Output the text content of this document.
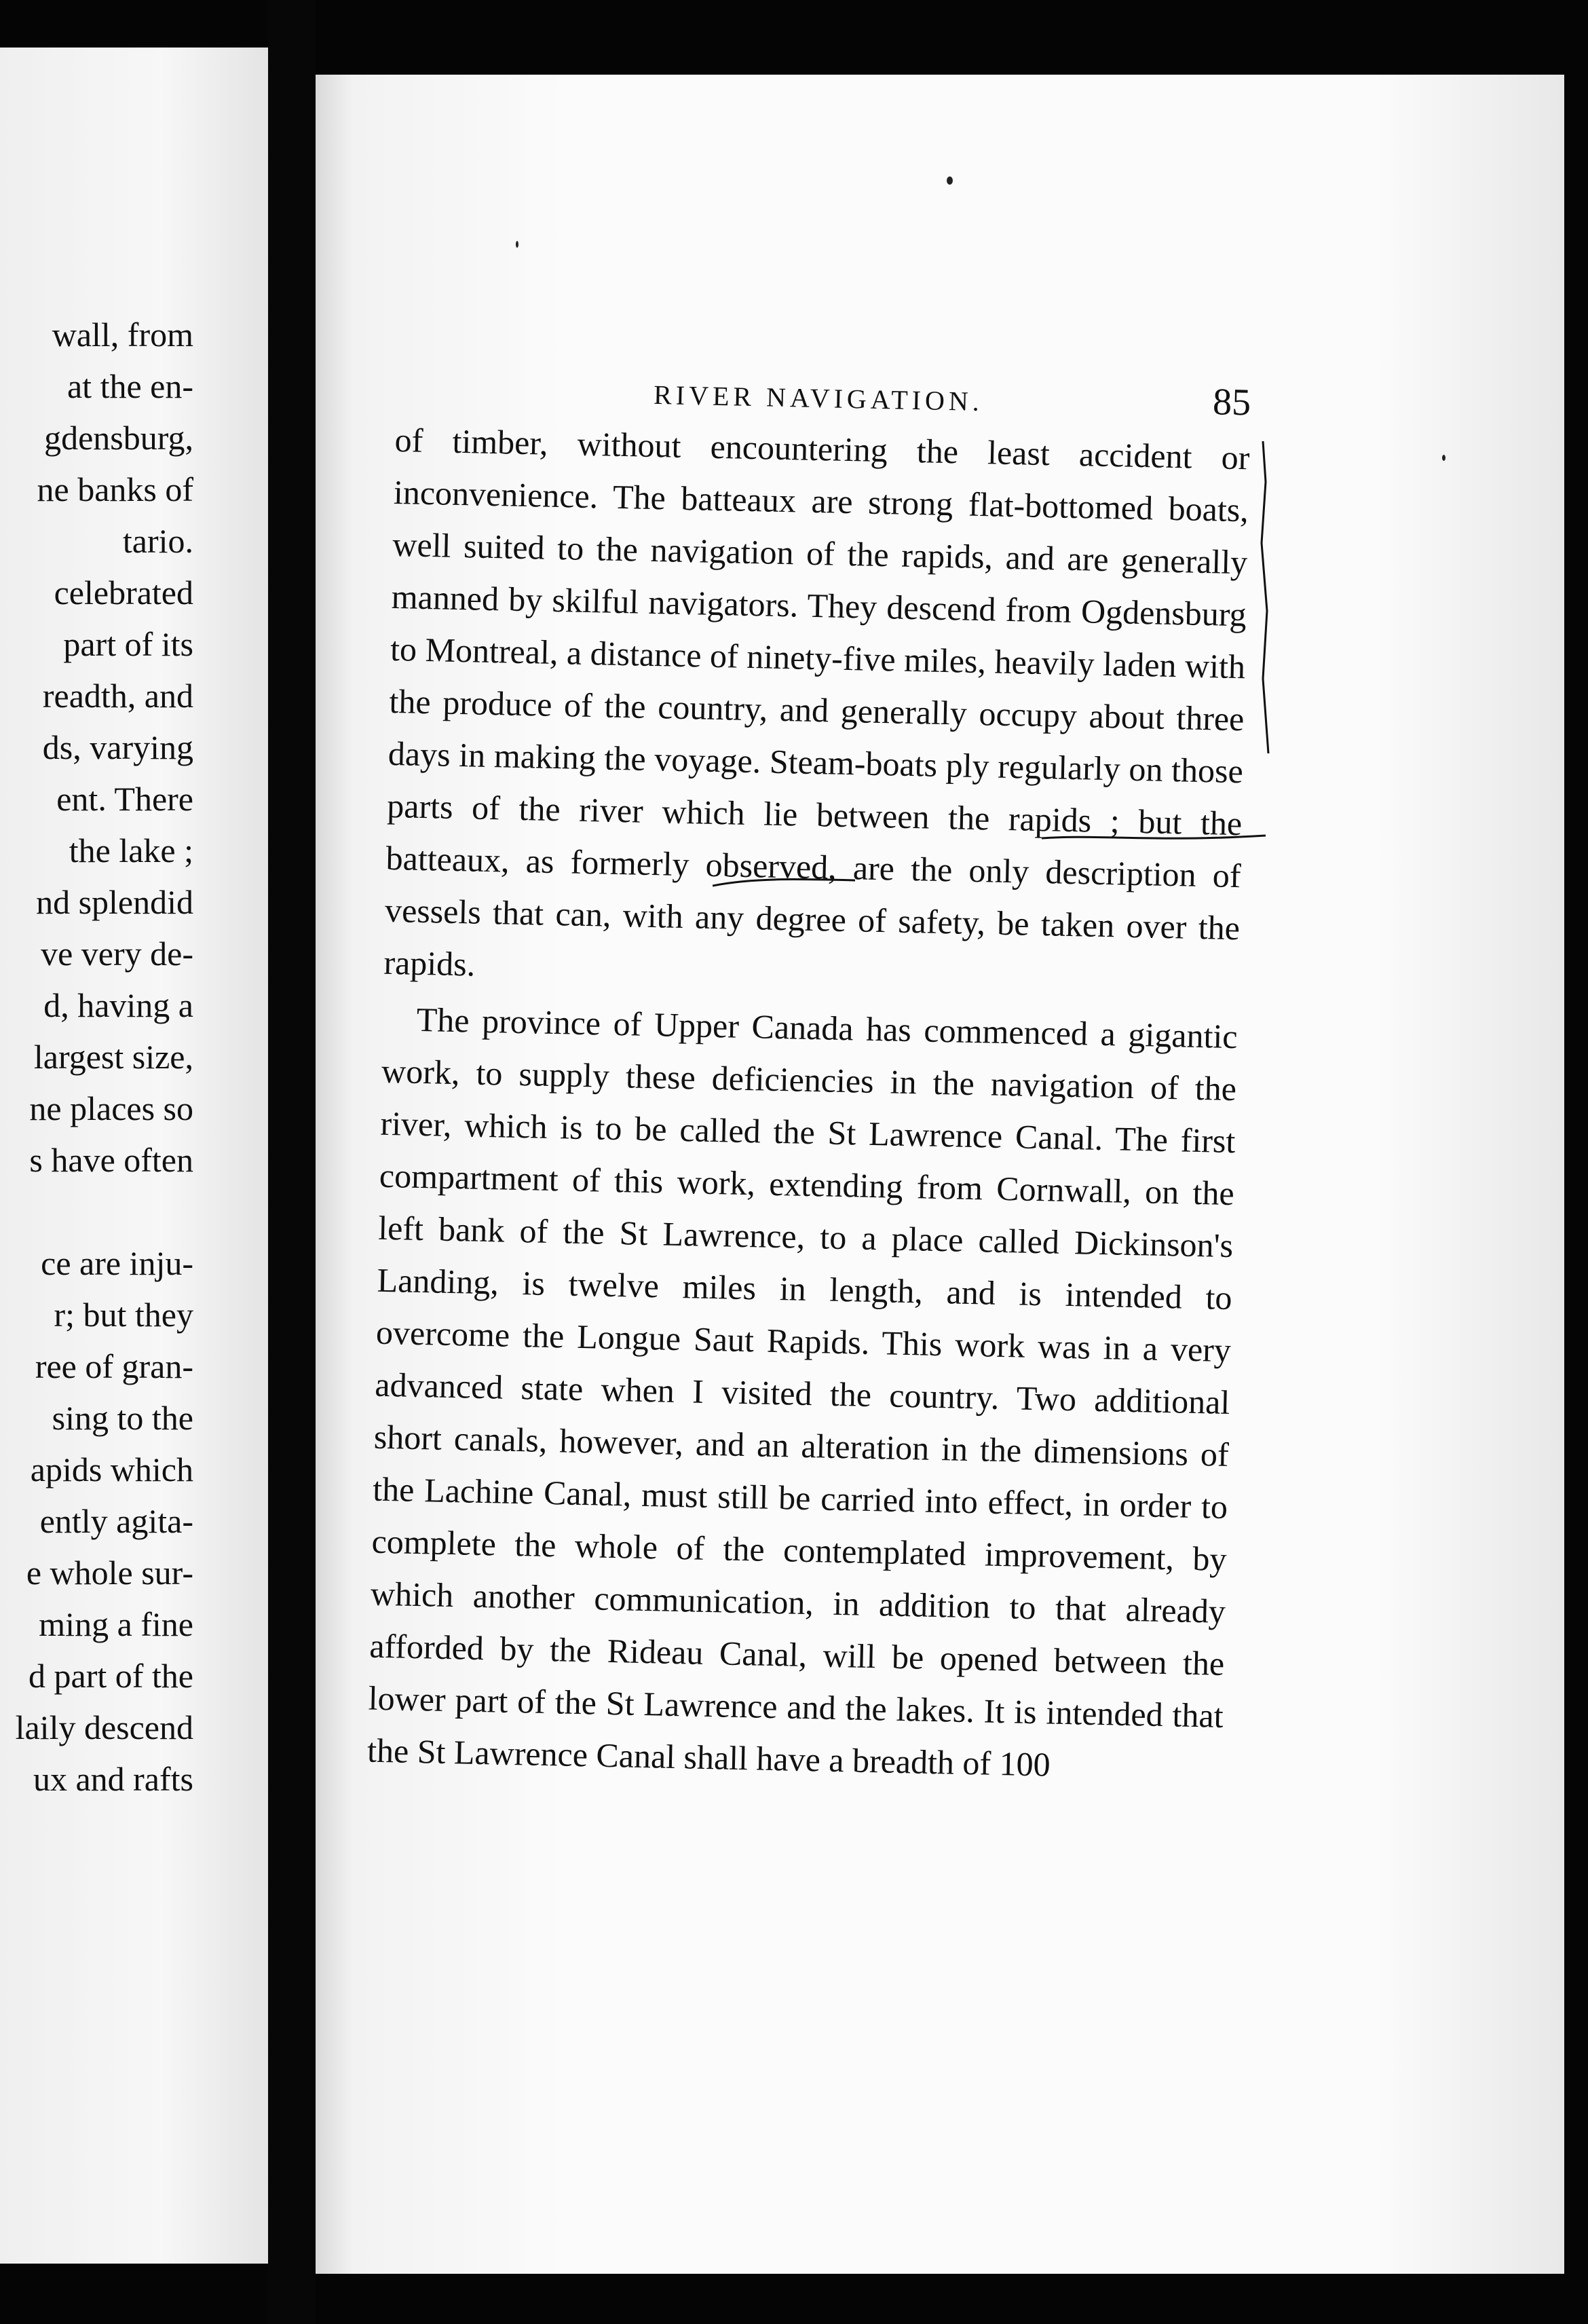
wall, from
at the en-
gdensburg,
ne banks of
tario.
celebrated
part of its
readth, and
ds, varying
ent. There
the lake ;
nd splendid
ve very de-
d, having a
largest size,
ne places so
s have often
ce are inju-
r; but they
ree of gran-
sing to the
apids which
ently agita-
e whole sur-
ming a fine
d part of the
laily descend
ux and rafts
RIVER NAVIGATION.	85

of timber, without encountering the least accident or inconvenience. The batteaux are strong flat-bottomed boats, well suited to the navigation of the rapids, and are generally manned by skilful navigators. They descend from Ogdensburg to Montreal, a distance of ninety-five miles, heavily laden with the produce of the country, and generally occupy about three days in making the voyage. Steam-boats ply regularly on those parts of the river which lie between the rapids ; but the batteaux, as formerly observed, are the only description of vessels that can, with any degree of safety, be taken over the rapids.

The province of Upper Canada has commenced a gigantic work, to supply these deficiencies in the navigation of the river, which is to be called the St Lawrence Canal. The first compartment of this work, extending from Cornwall, on the left bank of the St Lawrence, to a place called Dickinson's Landing, is twelve miles in length, and is intended to overcome the Longue Saut Rapids. This work was in a very advanced state when I visited the country. Two additional short canals, however, and an alteration in the dimensions of the Lachine Canal, must still be carried into effect, in order to complete the whole of the contemplated improvement, by which another communication, in addition to that already afforded by the Rideau Canal, will be opened between the lower part of the St Lawrence and the lakes. It is intended that the St Lawrence Canal shall have a breadth of 100
